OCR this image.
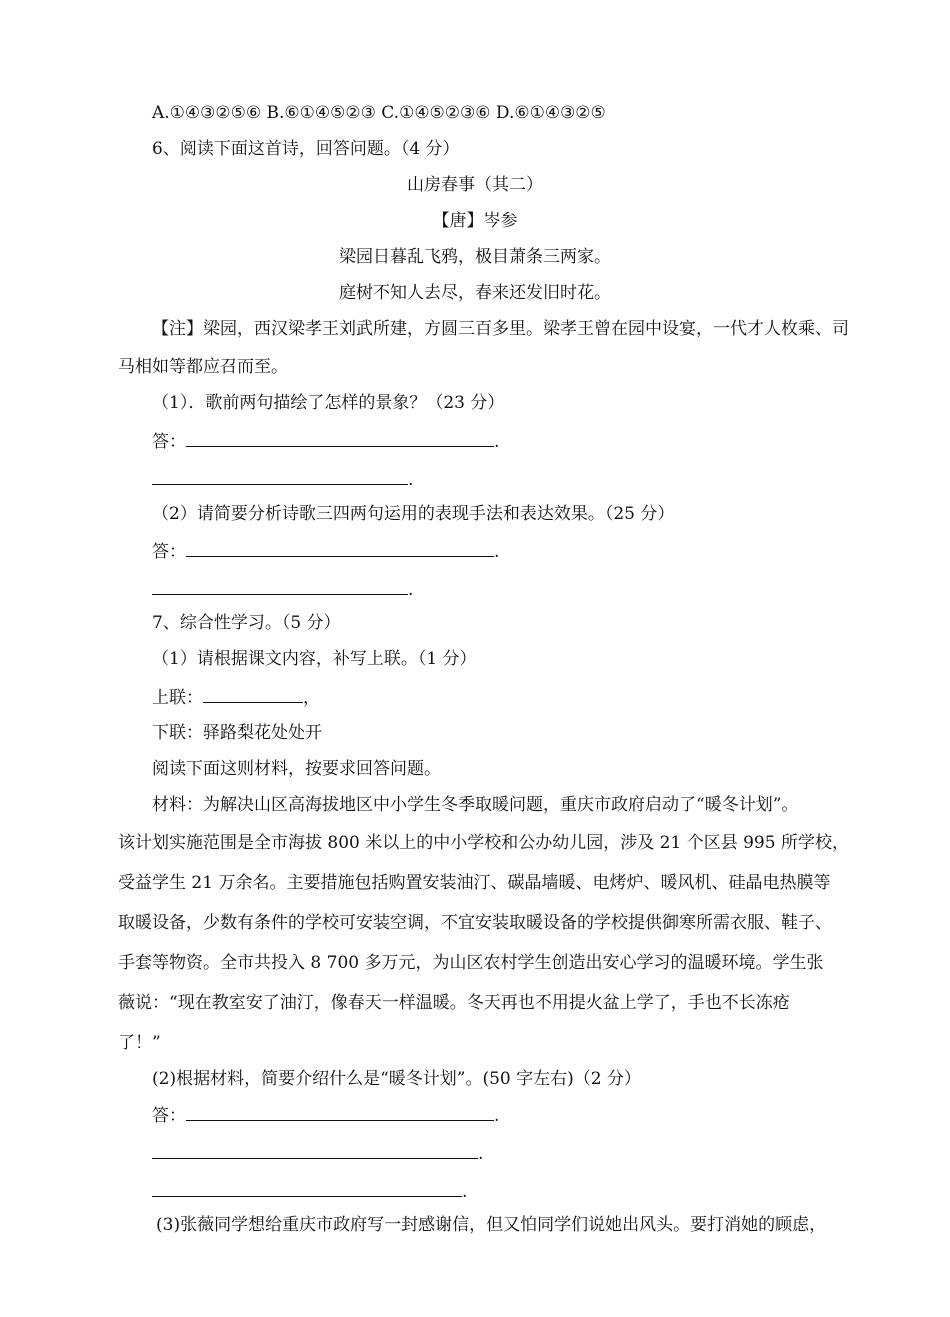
A.①④③②⑤⑥ B.⑥①④⑤②③ C.①④⑤②③⑥ D.⑥①④③②⑤
6、阅读下面这首诗，回答问题。（4 分）
山房春事（其二）
【唐】岑参
梁园日暮乱飞鸦，极目萧条三两家。
庭树不知人去尽，春来还发旧时花。
【注】梁园，西汉梁孝王刘武所建，方圆三百多里。梁孝王曾在园中设宴，一代才人枚乘、司
马相如等都应召而至。
（1）．歌前两句描绘了怎样的景象？（23 分）
答：	.
.
（2）请简要分析诗歌三四两句运用的表现手法和表达效果。（25 分）
答：	.
.
7、综合性学习。（5 分）
（1）请根据课文内容，补写上联。（1 分）
上联：	，
下联：驿路梨花处处开
阅读下面这则材料，按要求回答问题。
材料：为解决山区高海拔地区中小学生冬季取暖问题，重庆市政府启动了“暖冬计划”。
该计划实施范围是全市海拔 800 米以上的中小学校和公办幼儿园，涉及 21 个区县 995 所学校，
受益学生 21 万余名。主要措施包括购置安装油汀、碳晶墙暖、电烤炉、暖风机、硅晶电热膜等
取暖设备，少数有条件的学校可安装空调，不宜安装取暖设备的学校提供御寒所需衣服、鞋子、
手套等物资。全市共投入 8 700 多万元，为山区农村学生创造出安心学习的温暖环境。学生张
薇说：“现在教室安了油汀，像春天一样温暖。冬天再也不用提火盆上学了，手也不长冻疮
了！”
(2)根据材料，简要介绍什么是“暖冬计划”。(50 字左右)（2 分）
答：	.
.
.
(3)张薇同学想给重庆市政府写一封感谢信，但又怕同学们说她出风头。要打消她的顾虑，
